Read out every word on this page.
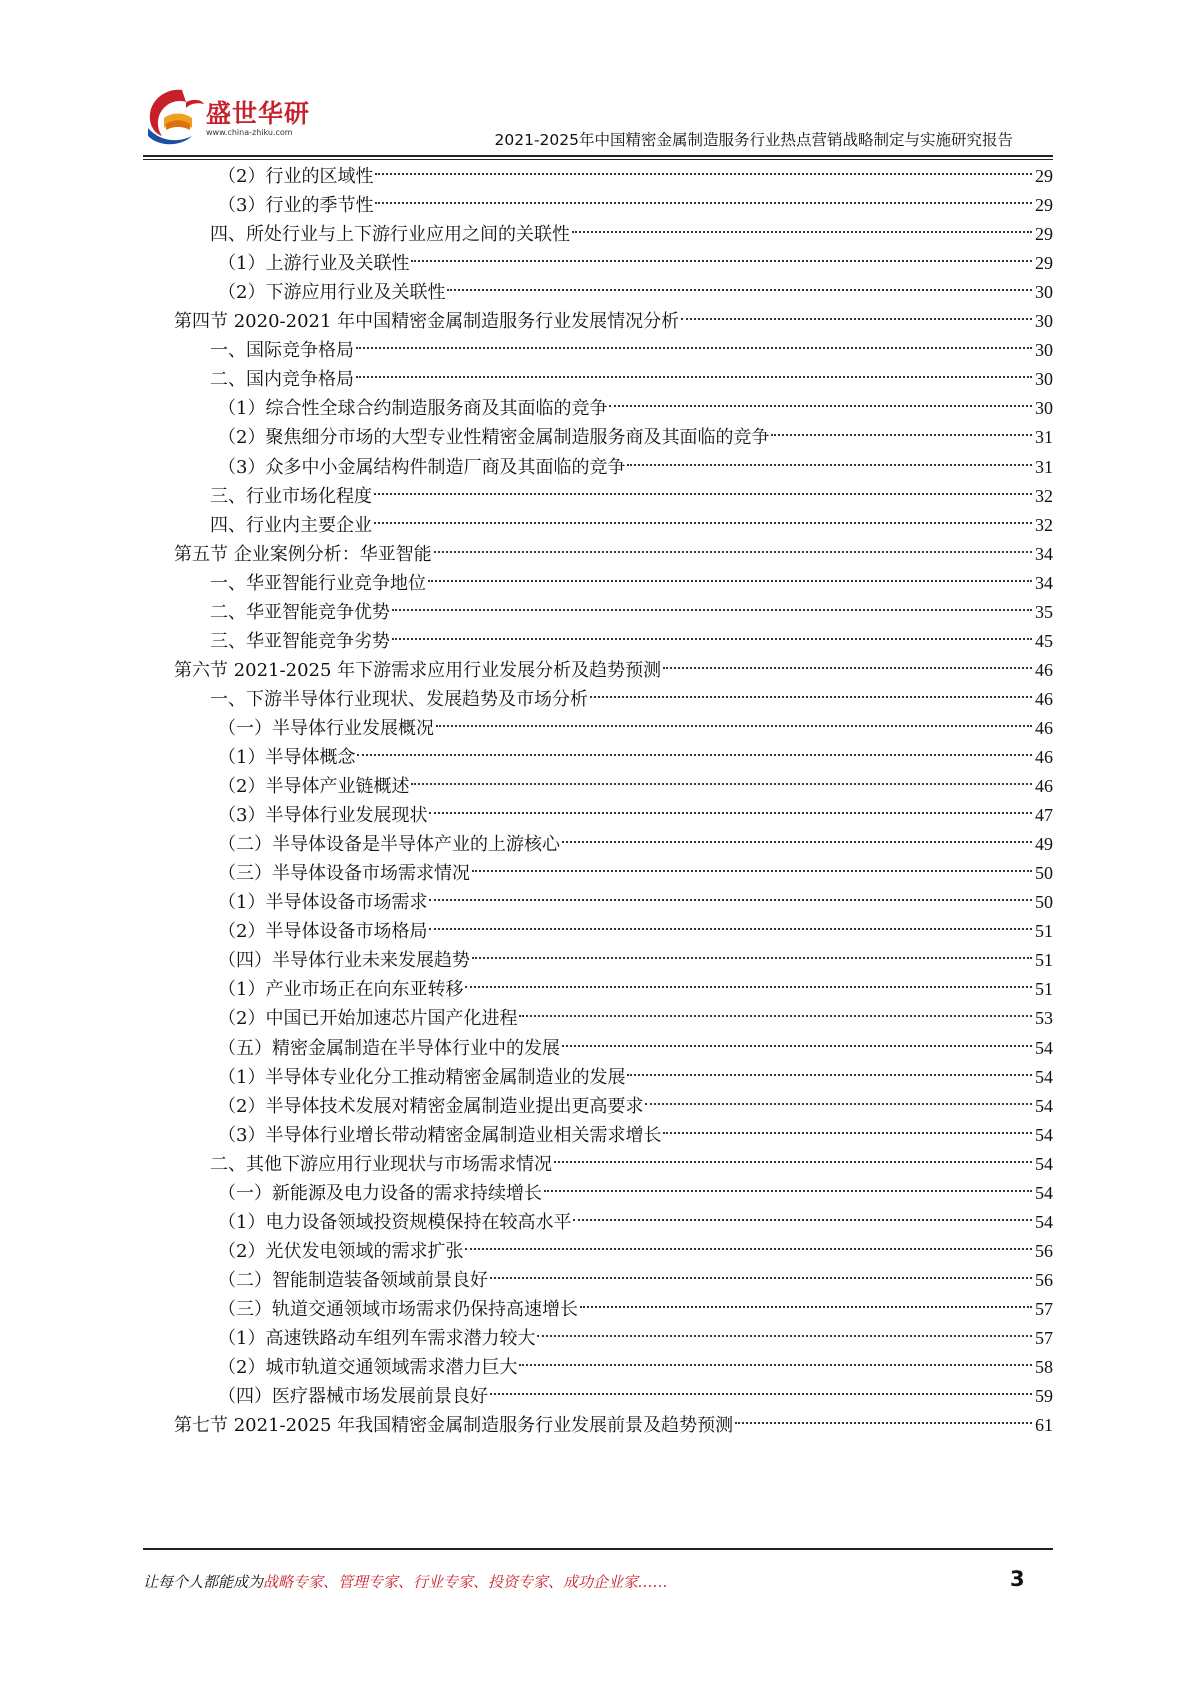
盛世华研
www.china-zhiku.com	2021-2025年中国精密金属制造服务行业热点营销战略制定与实施研究报告
（2）行业的区域性	29
（3）行业的季节性	29
四、所处行业与上下游行业应用之间的关联性	29
（1）上游行业及关联性	29
（2）下游应用行业及关联性	30
第四节 2020-2021 年中国精密金属制造服务行业发展情况分析	30
一、国际竞争格局	30
二、国内竞争格局	30
（1）综合性全球合约制造服务商及其面临的竞争	30
（2）聚焦细分市场的大型专业性精密金属制造服务商及其面临的竞争	31
（3）众多中小金属结构件制造厂商及其面临的竞争	31
三、行业市场化程度	32
四、行业内主要企业	32
第五节 企业案例分析：华亚智能	34
一、华亚智能行业竞争地位	34
二、华亚智能竞争优势	35
三、华亚智能竞争劣势	45
第六节 2021-2025 年下游需求应用行业发展分析及趋势预测	46
一、下游半导体行业现状、发展趋势及市场分析	46
（一）半导体行业发展概况	46
（1）半导体概念	46
（2）半导体产业链概述	46
（3）半导体行业发展现状	47
（二）半导体设备是半导体产业的上游核心	49
（三）半导体设备市场需求情况	50
（1）半导体设备市场需求	50
（2）半导体设备市场格局	51
（四）半导体行业未来发展趋势	51
（1）产业市场正在向东亚转移	51
（2）中国已开始加速芯片国产化进程	53
（五）精密金属制造在半导体行业中的发展	54
（1）半导体专业化分工推动精密金属制造业的发展	54
（2）半导体技术发展对精密金属制造业提出更高要求	54
（3）半导体行业增长带动精密金属制造业相关需求增长	54
二、其他下游应用行业现状与市场需求情况	54
（一）新能源及电力设备的需求持续增长	54
（1）电力设备领域投资规模保持在较高水平	54
（2）光伏发电领域的需求扩张	56
（二）智能制造装备领域前景良好	56
（三）轨道交通领域市场需求仍保持高速增长	57
（1）高速铁路动车组列车需求潜力较大	57
（2）城市轨道交通领域需求潜力巨大	58
（四）医疗器械市场发展前景良好	59
第七节 2021-2025 年我国精密金属制造服务行业发展前景及趋势预测	61
让每个人都能成为战略专家、管理专家、行业专家、投资专家、成功企业家……	3
